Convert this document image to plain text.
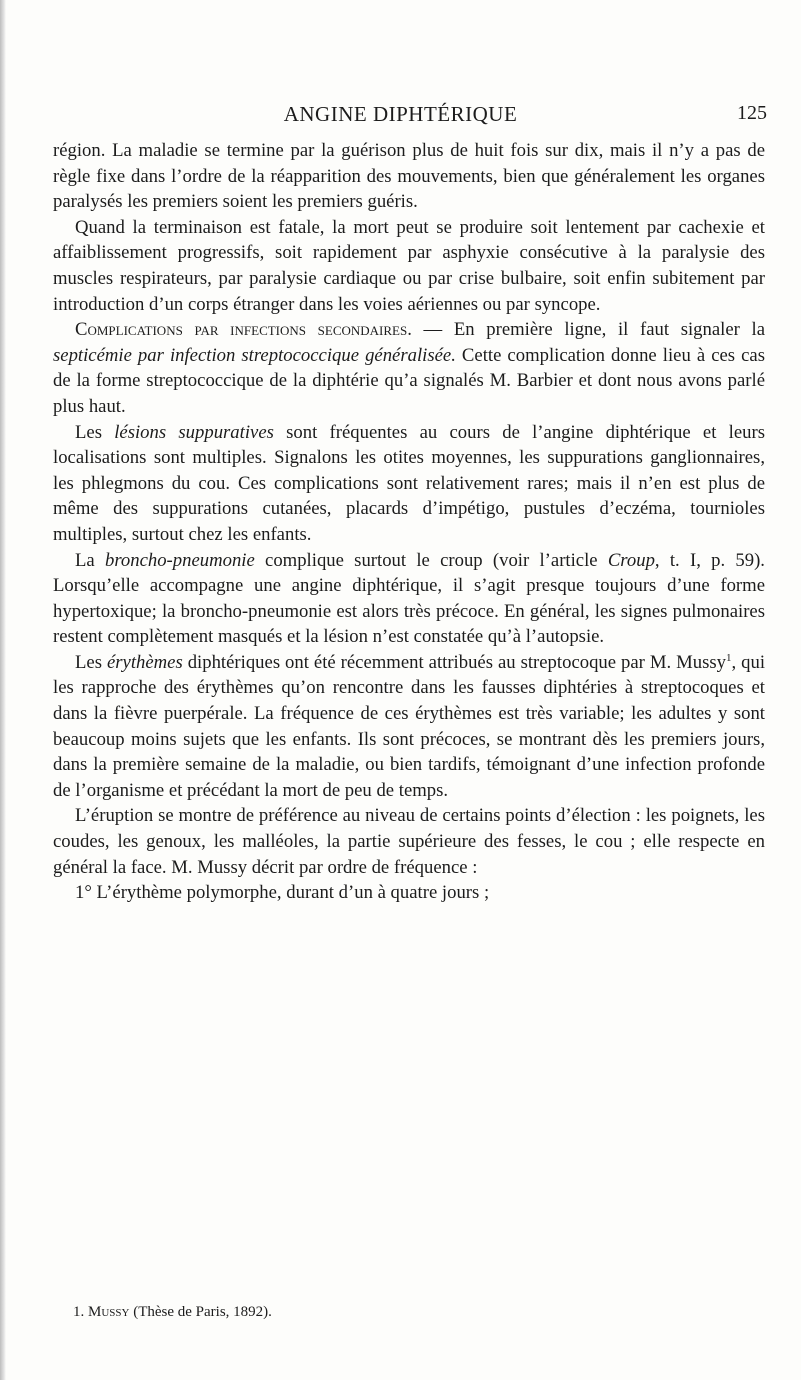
ANGINE DIPHTÉRIQUE	125

région. La maladie se termine par la guérison plus de huit fois sur dix, mais il n’y a pas de règle fixe dans l’ordre de la réapparition des mouvements, bien que généralement les organes paralysés les premiers soient les premiers guéris.

Quand la terminaison est fatale, la mort peut se produire soit lentement par cachexie et affaiblissement progressifs, soit rapidement par asphyxie consécutive à la paralysie des muscles respirateurs, par paralysie cardiaque ou par crise bulbaire, soit enfin subitement par introduction d’un corps étranger dans les voies aériennes ou par syncope.

Complications par infections secondaires. — En première ligne, il faut signaler la septicémie par infection streptococcique généralisée. Cette complication donne lieu à ces cas de la forme streptococcique de la diphtérie qu’a signalés M. Barbier et dont nous avons parlé plus haut.

Les lésions suppuratives sont fréquentes au cours de l’angine diphtérique et leurs localisations sont multiples. Signalons les otites moyennes, les suppurations ganglionnaires, les phlegmons du cou. Ces complications sont relativement rares; mais il n’en est plus de même des suppurations cutanées, placards d’impétigo, pustules d’eczéma, tournioles multiples, surtout chez les enfants.

La broncho-pneumonie complique surtout le croup (voir l’article Croup, t. I, p. 59). Lorsqu’elle accompagne une angine diphtérique, il s’agit presque toujours d’une forme hypertoxique; la broncho-pneumonie est alors très précoce. En général, les signes pulmonaires restent complètement masqués et la lésion n’est constatée qu’à l’autopsie.

Les érythèmes diphtériques ont été récemment attribués au streptocoque par M. Mussy$^1$, qui les rapproche des érythèmes qu’on rencontre dans les fausses diphtéries à streptocoques et dans la fièvre puerpérale. La fréquence de ces érythèmes est très variable; les adultes y sont beaucoup moins sujets que les enfants. Ils sont précoces, se montrant dès les premiers jours, dans la première semaine de la maladie, ou bien tardifs, témoignant d’une infection profonde de l’organisme et précédant la mort de peu de temps.

L’éruption se montre de préférence au niveau de certains points d’élection : les poignets, les coudes, les genoux, les malléoles, la partie supérieure des fesses, le cou ; elle respecte en général la face. M. Mussy décrit par ordre de fréquence :

1° L’érythème polymorphe, durant d’un à quatre jours ;

1. Mussy (Thèse de Paris, 1892).
